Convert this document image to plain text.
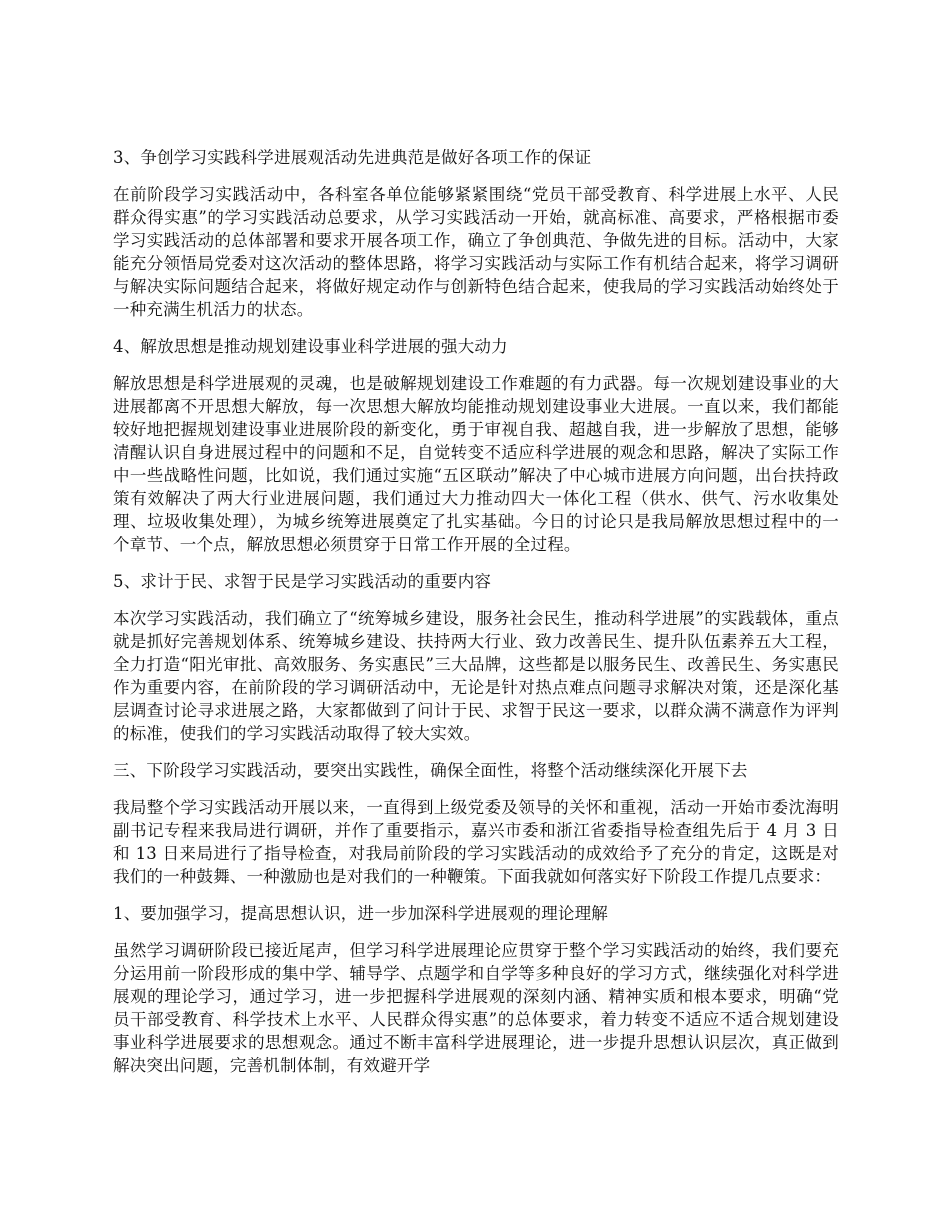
3、争创学习实践科学进展观活动先进典范是做好各项工作的保证

在前阶段学习实践活动中，各科室各单位能够紧紧围绕“党员干部受教育、科学进展上水平、人民群众得实惠”的学习实践活动总要求，从学习实践活动一开始，就高标准、高要求，严格根据市委学习实践活动的总体部署和要求开展各项工作，确立了争创典范、争做先进的目标。活动中，大家能充分领悟局党委对这次活动的整体思路，将学习实践活动与实际工作有机结合起来，将学习调研与解决实际问题结合起来，将做好规定动作与创新特色结合起来，使我局的学习实践活动始终处于一种充满生机活力的状态。

4、解放思想是推动规划建设事业科学进展的强大动力

解放思想是科学进展观的灵魂，也是破解规划建设工作难题的有力武器。每一次规划建设事业的大进展都离不开思想大解放，每一次思想大解放均能推动规划建设事业大进展。一直以来，我们都能较好地把握规划建设事业进展阶段的新变化，勇于审视自我、超越自我，进一步解放了思想，能够清醒认识自身进展过程中的问题和不足，自觉转变不适应科学进展的观念和思路，解决了实际工作中一些战略性问题，比如说，我们通过实施“五区联动”解决了中心城市进展方向问题，出台扶持政策有效解决了两大行业进展问题，我们通过大力推动四大一体化工程（供水、供气、污水收集处理、垃圾收集处理），为城乡统筹进展奠定了扎实基础。今日的讨论只是我局解放思想过程中的一个章节、一个点，解放思想必须贯穿于日常工作开展的全过程。

5、求计于民、求智于民是学习实践活动的重要内容

本次学习实践活动，我们确立了“统筹城乡建设，服务社会民生，推动科学进展”的实践载体，重点就是抓好完善规划体系、统筹城乡建设、扶持两大行业、致力改善民生、提升队伍素养五大工程，全力打造“阳光审批、高效服务、务实惠民”三大品牌，这些都是以服务民生、改善民生、务实惠民作为重要内容，在前阶段的学习调研活动中，无论是针对热点难点问题寻求解决对策，还是深化基层调查讨论寻求进展之路，大家都做到了问计于民、求智于民这一要求，以群众满不满意作为评判的标准，使我们的学习实践活动取得了较大实效。

三、下阶段学习实践活动，要突出实践性，确保全面性，将整个活动继续深化开展下去

我局整个学习实践活动开展以来，一直得到上级党委及领导的关怀和重视，活动一开始市委沈海明副书记专程来我局进行调研，并作了重要指示，嘉兴市委和浙江省委指导检查组先后于 4 月 3 日和 13 日来局进行了指导检查，对我局前阶段的学习实践活动的成效给予了充分的肯定，这既是对我们的一种鼓舞、一种激励也是对我们的一种鞭策。下面我就如何落实好下阶段工作提几点要求：

1、要加强学习，提高思想认识，进一步加深科学进展观的理论理解

虽然学习调研阶段已接近尾声，但学习科学进展理论应贯穿于整个学习实践活动的始终，我们要充分运用前一阶段形成的集中学、辅导学、点题学和自学等多种良好的学习方式，继续强化对科学进展观的理论学习，通过学习，进一步把握科学进展观的深刻内涵、精神实质和根本要求，明确“党员干部受教育、科学技术上水平、人民群众得实惠”的总体要求，着力转变不适应不适合规划建设事业科学进展要求的思想观念。通过不断丰富科学进展理论，进一步提升思想认识层次，真正做到解决突出问题，完善机制体制，有效避开学
